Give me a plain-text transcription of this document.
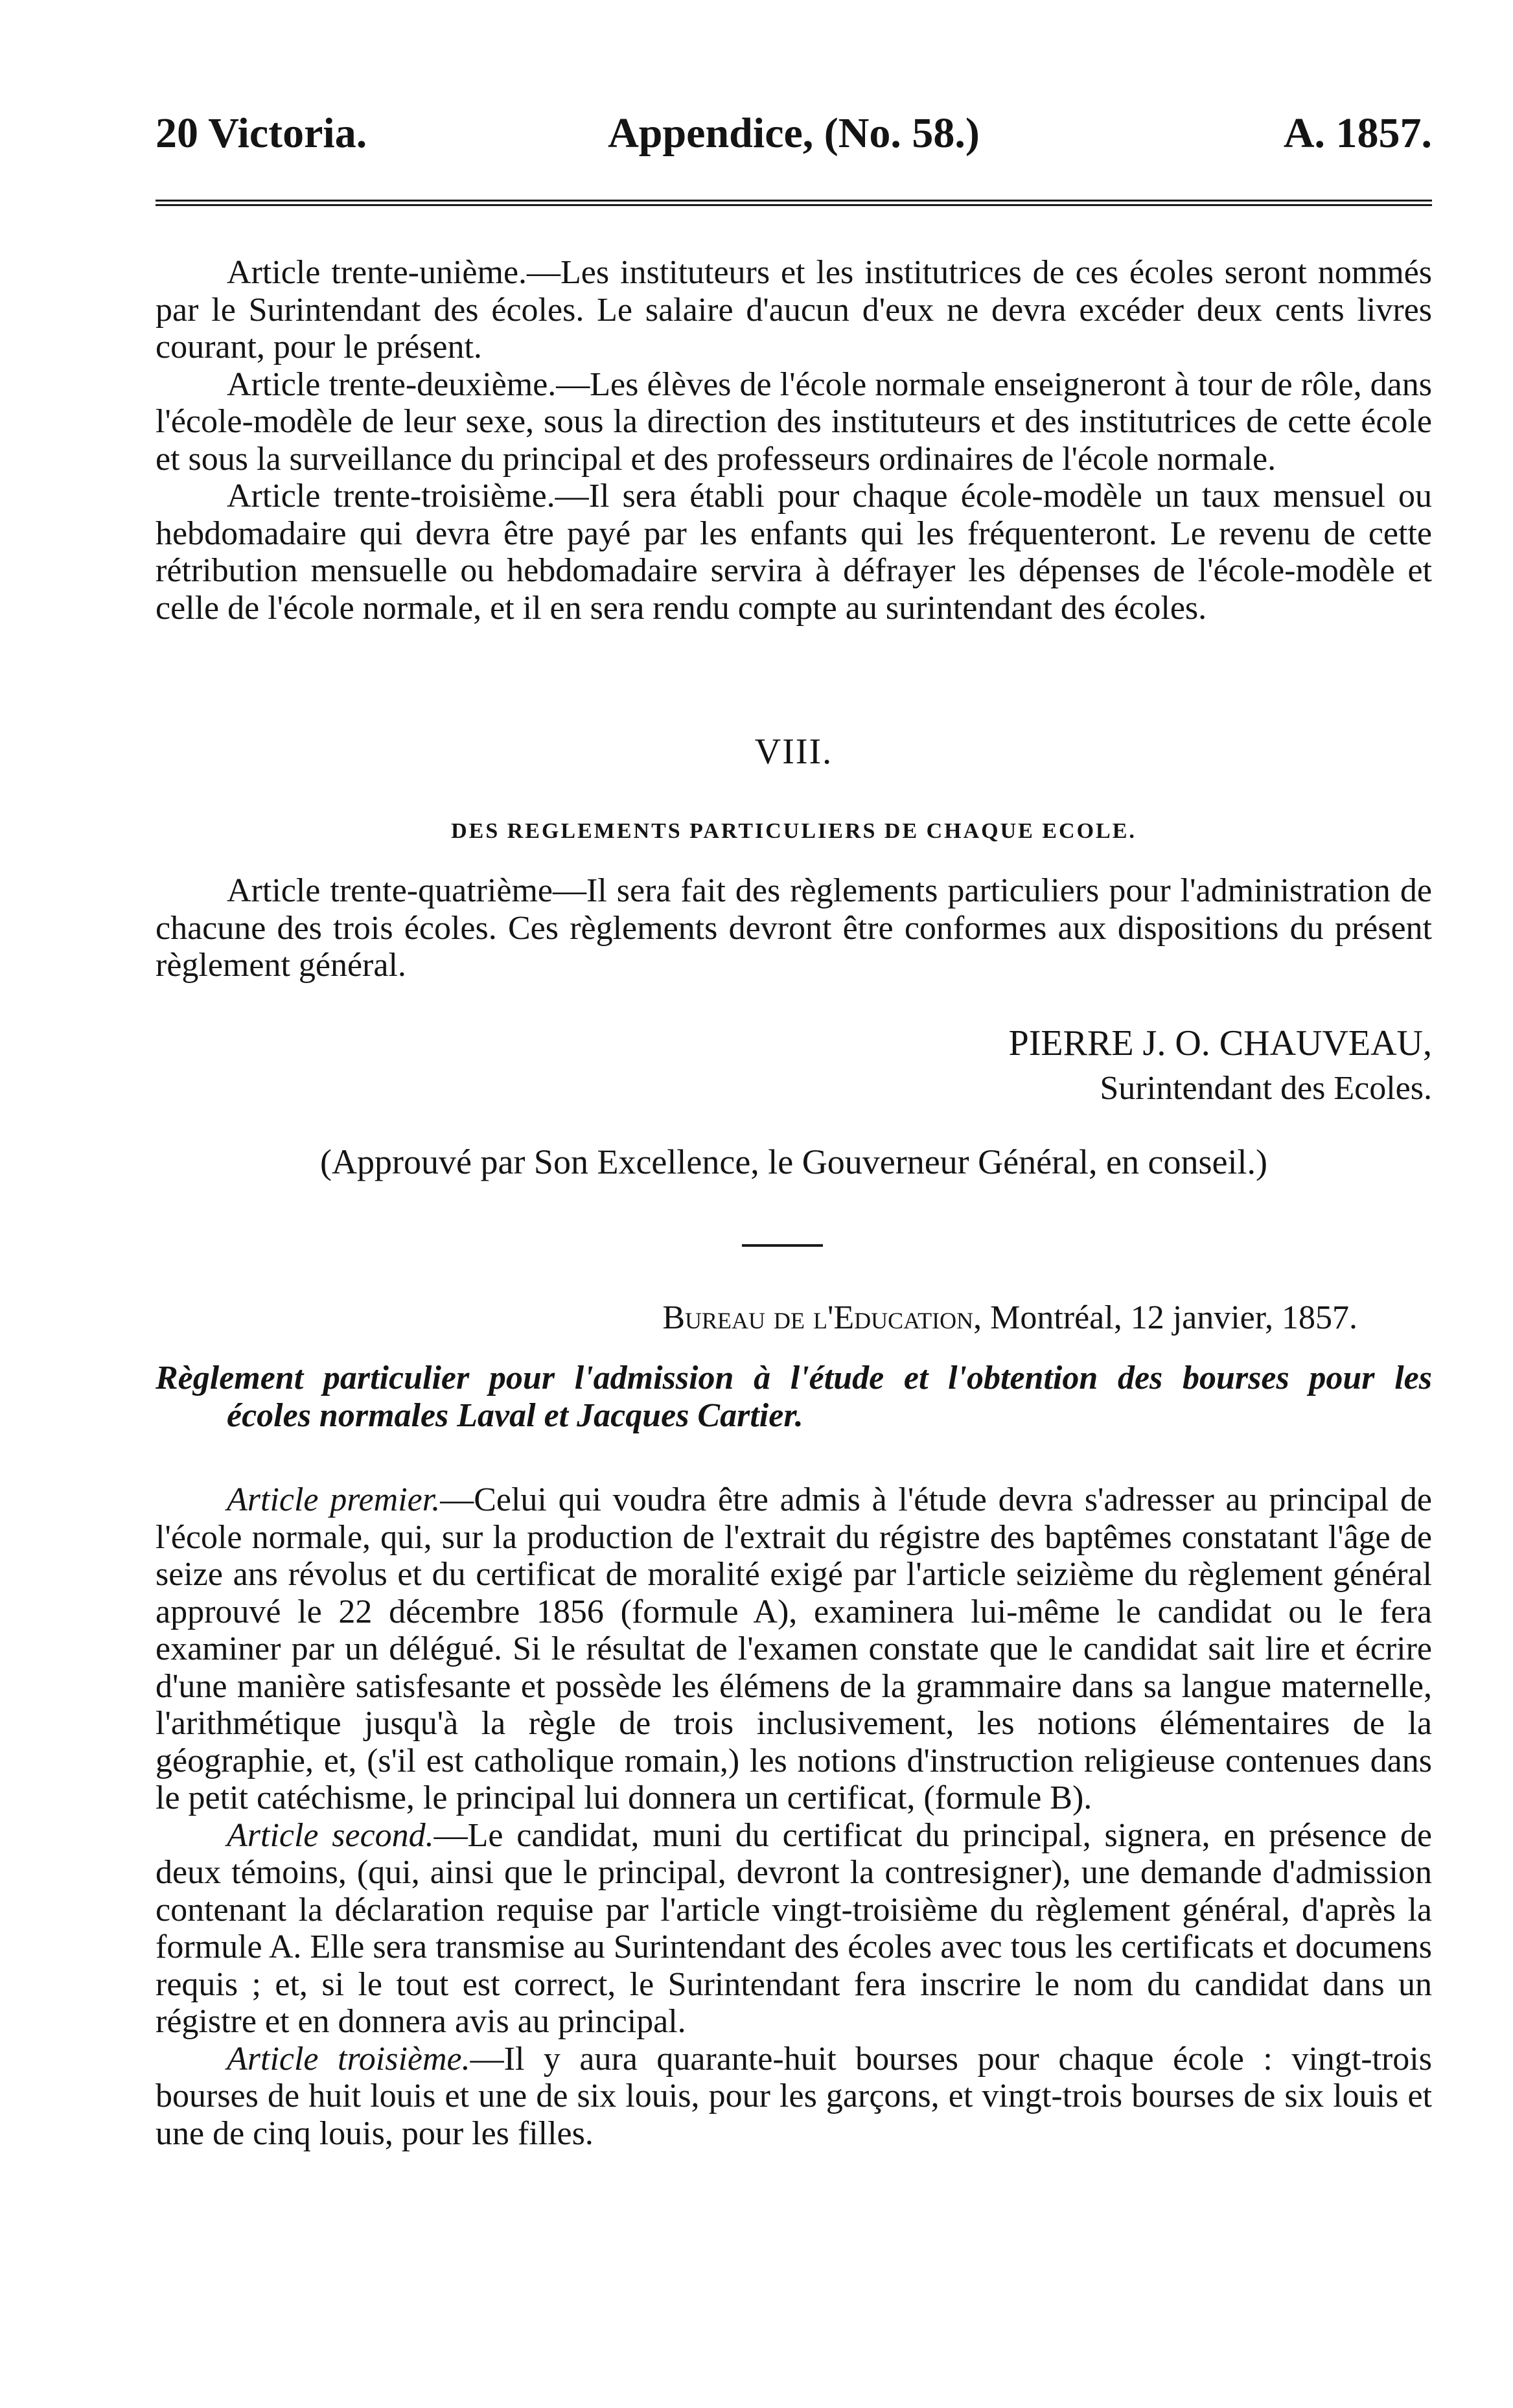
20 Victoria.	Appendice, (No. 58.)	A. 1857.

Article trente-unième.—Les instituteurs et les institutrices de ces écoles seront nommés par le Surintendant des écoles. Le salaire d'aucun d'eux ne devra excéder deux cents livres courant, pour le présent.

Article trente-deuxième.—Les élèves de l'école normale enseigneront à tour de rôle, dans l'école-modèle de leur sexe, sous la direction des instituteurs et des institutrices de cette école et sous la surveillance du principal et des professeurs ordinaires de l'école normale.

Article trente-troisième.—Il sera établi pour chaque école-modèle un taux mensuel ou hebdomadaire qui devra être payé par les enfants qui les fréquenteront. Le revenu de cette rétribution mensuelle ou hebdomadaire servira à défrayer les dépenses de l'école-modèle et celle de l'école normale, et il en sera rendu compte au surintendant des écoles.

VIII.
DES REGLEMENTS PARTICULIERS DE CHAQUE ECOLE.

Article trente-quatrième—Il sera fait des règlements particuliers pour l'administration de chacune des trois écoles. Ces règlements devront être conformes aux dispositions du présent règlement général.

PIERRE J. O. CHAUVEAU,
Surintendant des Ecoles.
(Approuvé par Son Excellence, le Gouverneur Général, en conseil.)
Bureau de l'Education, Montréal, 12 janvier, 1857.
Règlement particulier pour l'admission à l'étude et l'obtention des bourses pour les
écoles normales Laval et Jacques Cartier.

Article premier.—Celui qui voudra être admis à l'étude devra s'adresser au principal de l'école normale, qui, sur la production de l'extrait du régistre des baptêmes constatant l'âge de seize ans révolus et du certificat de moralité exigé par l'article seizième du règlement général approuvé le 22 décembre 1856 (formule A), examinera lui-même le candidat ou le fera examiner par un délégué. Si le résultat de l'examen constate que le candidat sait lire et écrire d'une manière satisfesante et possède les élémens de la grammaire dans sa langue maternelle, l'arithmétique jusqu'à la règle de trois inclusivement, les notions élémentaires de la géographie, et, (s'il est catholique romain,) les notions d'instruction religieuse contenues dans le petit catéchisme, le principal lui donnera un certificat, (formule B).

Article second.—Le candidat, muni du certificat du principal, signera, en présence de deux témoins, (qui, ainsi que le principal, devront la contresigner), une demande d'admission contenant la déclaration requise par l'article vingt-troisième du règlement général, d'après la formule A. Elle sera transmise au Surintendant des écoles avec tous les certificats et documens requis ; et, si le tout est correct, le Surintendant fera inscrire le nom du candidat dans un régistre et en donnera avis au principal.

Article troisième.—Il y aura quarante-huit bourses pour chaque école : vingt-trois bourses de huit louis et une de six louis, pour les garçons, et vingt-trois bourses de six louis et une de cinq louis, pour les filles.
